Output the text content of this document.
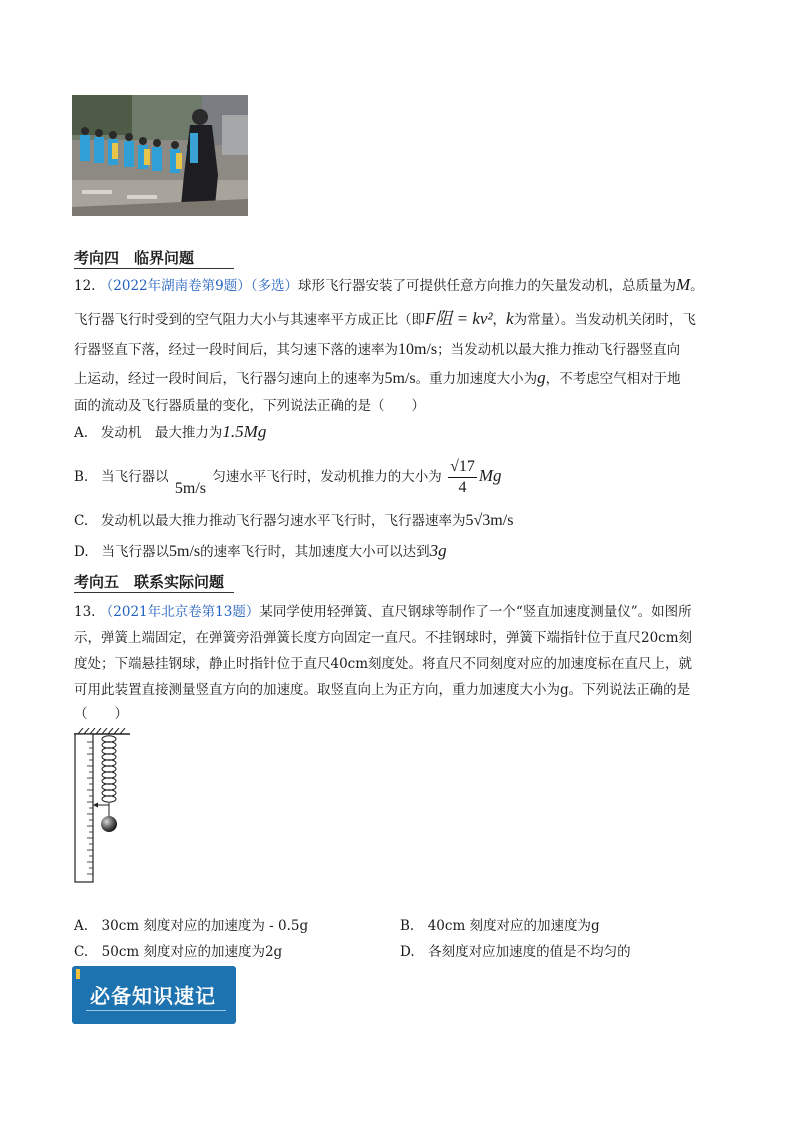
考向四　临界问题
12. （2022年湖南卷第9题）（多选）球形飞行器安装了可提供任意方向推力的矢量发动机，总质量为M。
飞行器飞行时受到的空气阻力大小与其速率平方成正比（即F阻 = kv²，k为常量）。当发动机关闭时，飞
行器竖直下落，经过一段时间后，其匀速下落的速率为10m/s；当发动机以最大推力推动飞行器竖直向
上运动，经过一段时间后，飞行器匀速向上的速率为5m/s。重力加速度大小为g，不考虑空气相对于地
面的流动及飞行器质量的变化，下列说法正确的是（　　）
A. 发动机　最大推力为1.5Mg
B. 当飞行器以

5m/s
匀速水平飞行时，发动机推力的大小为 $\frac{√17}{4}$ Mg
C. 发动机以最大推力推动飞行器匀速水平飞行时，飞行器速率为5√3m/s
D. 当飞行器以5m/s的速率飞行时，其加速度大小可以达到3g
考向五　联系实际问题
13. （2021年北京卷第13题）某同学使用轻弹簧、直尺钢球等制作了一个“竖直加速度测量仪”。如图所
示，弹簧上端固定，在弹簧旁沿弹簧长度方向固定一直尺。不挂钢球时，弹簧下端指针位于直尺20cm刻
度处；下端悬挂钢球，静止时指针位于直尺40cm刻度处。将直尺不同刻度对应的加速度标在直尺上，就
可用此装置直接测量竖直方向的加速度。取竖直向上为正方向，重力加速度大小为g。下列说法正确的是
（　　）
A.　30cm 刻度对应的加速度为 - 0.5g	B.　40cm 刻度对应的加速度为g
C.　50cm 刻度对应的加速度为2g	D.　各刻度对应加速度的值是不均匀的
必备知识速记
